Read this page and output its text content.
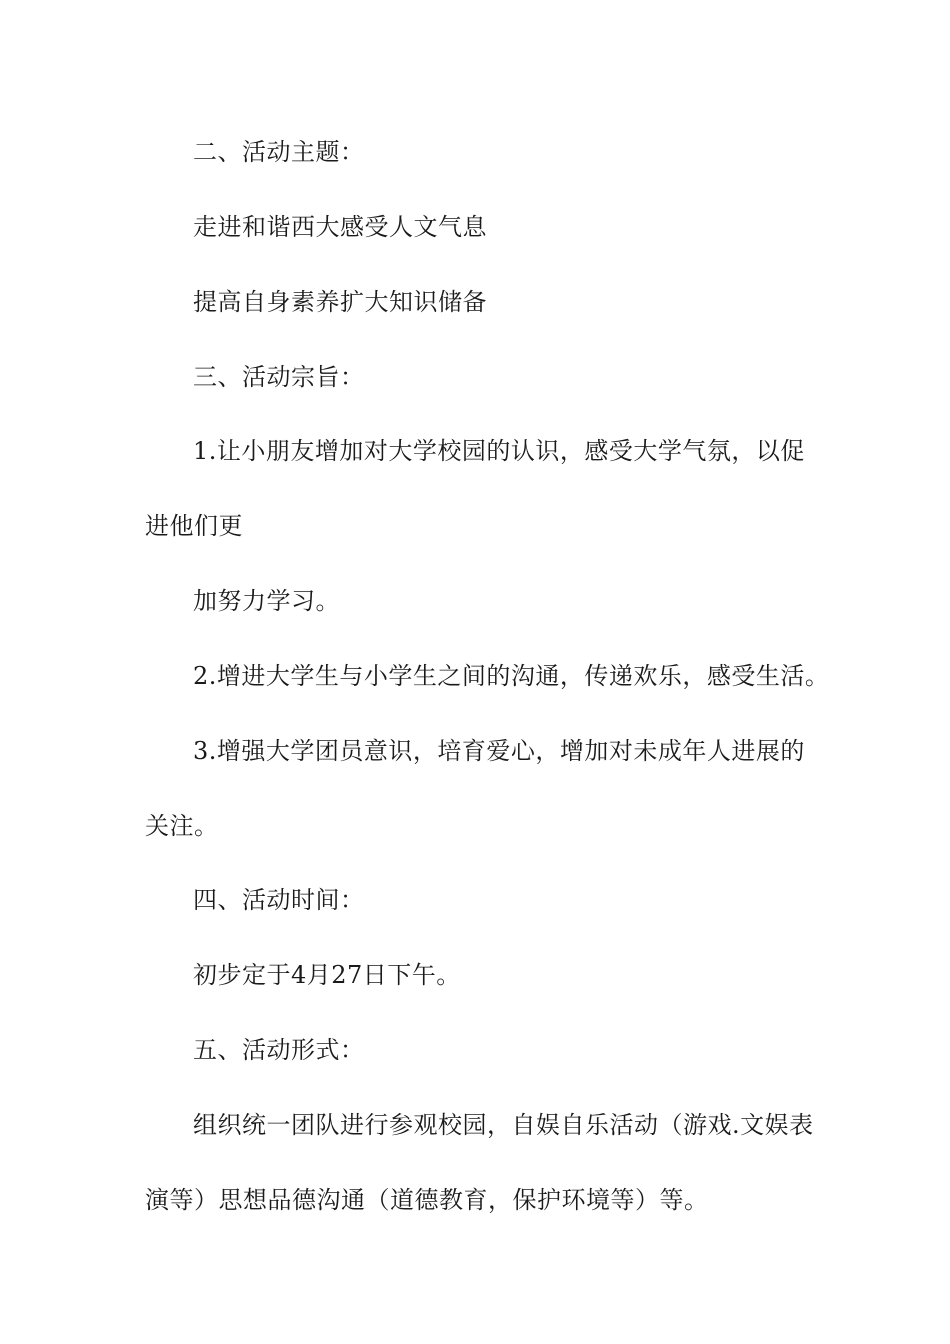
二、活动主题：
走进和谐西大感受人文气息
提高自身素养扩大知识储备
三、活动宗旨：
1.让小朋友增加对大学校园的认识，感受大学气氛，以促
进他们更
加努力学习。
2.增进大学生与小学生之间的沟通，传递欢乐，感受生活。
3.增强大学团员意识，培育爱心，增加对未成年人进展的
关注。
四、活动时间：
初步定于4月27日下午。
五、活动形式：
组织统一团队进行参观校园，自娱自乐活动（游戏.文娱表
演等）思想品德沟通（道德教育，保护环境等）等。
